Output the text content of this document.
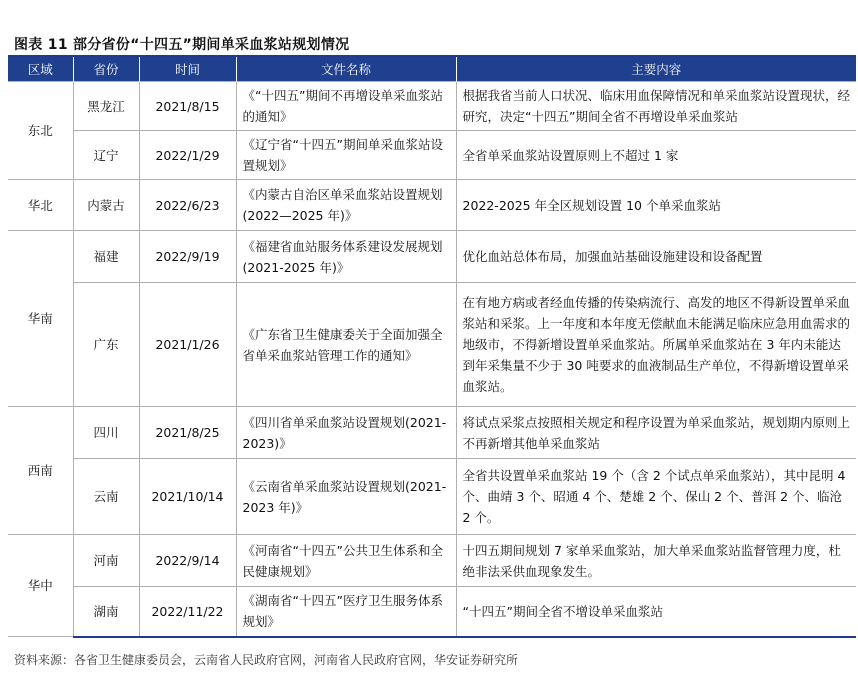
图表 11 部分省份“十四五”期间单采血浆站规划情况
区域	省份	时间	文件名称	主要内容
东北	黑龙江	2021/8/15	《“十四五”期间不再增设单采血浆站的通知》	根据我省当前人口状况、临床用血保障情况和单采血浆站设置现状，经研究，决定“十四五”期间全省不再增设单采血浆站
	辽宁	2022/1/29	《辽宁省“十四五”期间单采血浆站设置规划》	全省单采血浆站设置原则上不超过 1 家
华北	内蒙古	2022/6/23	《内蒙古自治区单采血浆站设置规划(2022—2025 年)》	2022-2025 年全区规划设置 10 个单采血浆站
华南	福建	2022/9/19	《福建省血站服务体系建设发展规划(2021-2025 年)》	优化血站总体布局，加强血站基础设施建设和设备配置
	广东	2021/1/26	《广东省卫生健康委关于全面加强全省单采血浆站管理工作的通知》	在有地方病或者经血传播的传染病流行、高发的地区不得新设置单采血浆站和采浆。上一年度和本年度无偿献血未能满足临床应急用血需求的地级市，不得新增设置单采血浆站。所属单采血浆站在 3 年内未能达到年采集量不少于 30 吨要求的血液制品生产单位，不得新增设置单采血浆站。
西南	四川	2021/8/25	《四川省单采血浆站设置规划(2021-2023)》	将试点采浆点按照相关规定和程序设置为单采血浆站，规划期内原则上不再新增其他单采血浆站
	云南	2021/10/14	《云南省单采血浆站设置规划(2021-2023 年)》	全省共设置单采血浆站 19 个（含 2 个试点单采血浆站），其中昆明 4 个、曲靖 3 个、昭通 4 个、楚雄 2 个、保山 2 个、普洱 2 个、临沧 2 个。
华中	河南	2022/9/14	《河南省“十四五”公共卫生体系和全民健康规划》	十四五期间规划 7 家单采血浆站，加大单采血浆站监督管理力度，杜绝非法采供血现象发生。
	湖南	2022/11/22	《湖南省“十四五”医疗卫生服务体系规划》	“十四五”期间全省不增设单采血浆站
资料来源：各省卫生健康委员会，云南省人民政府官网，河南省人民政府官网，华安证券研究所
